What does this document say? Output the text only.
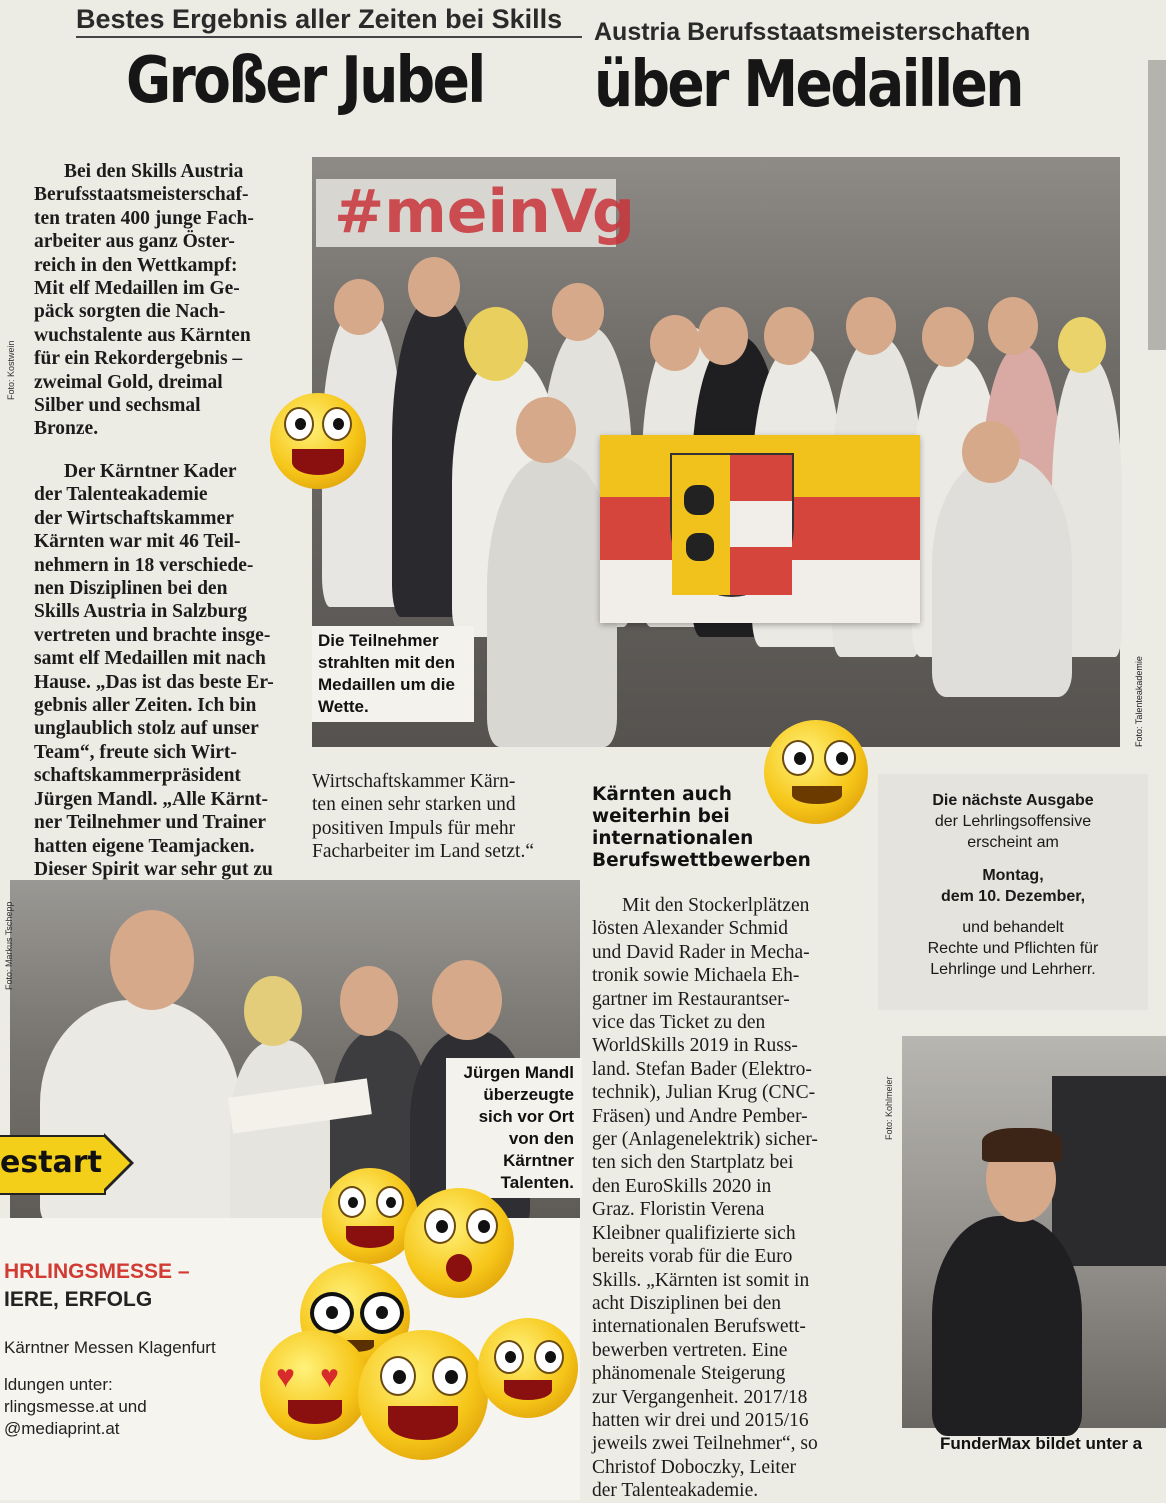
Bestes Ergebnis aller Zeiten bei Skills Austria Berufsstaatsmeisterschaften
Großer Jubel über Medaillen
Bei den Skills Austria
Berufsstaatsmeisterschaf-
ten traten 400 junge Fach-
arbeiter aus ganz Öster-
reich in den Wettkampf:
Mit elf Medaillen im Ge-
päck sorgten die Nach-
wuchstalente aus Kärnten
für ein Rekordergebnis –
zweimal Gold, dreimal
Silber und sechsmal
Bronze.
Der Kärntner Kader
der Talenteakademie
der Wirtschaftskammer
Kärnten war mit 46 Teil-
nehmern in 18 verschiede-
nen Disziplinen bei den
Skills Austria in Salzburg
vertreten und brachte insge-
samt elf Medaillen mit nach
Hause. „Das ist das beste Er-
gebnis aller Zeiten. Ich bin
unglaublich stolz auf unser
Team“, freute sich Wirt-
schaftskammerpräsident
Jürgen Mandl. „Alle Kärnt-
ner Teilnehmer und Trainer
hatten eigene Teamjacken.
Dieser Spirit war sehr gut zu
Foto: Kostwein
Wirtschaftskammer Kärn-
ten einen sehr starken und
positiven Impuls für mehr
Facharbeiter im Land setzt.“
#meinV
g
Foto: Talenteakademie
Die Teilnehmer
strahlten mit den
Medaillen um die
Wette.
Kärnten auch
weiterhin bei
internationalen
Berufswettbewerben
Mit den Stockerlplätzen
lösten Alexander Schmid
und David Rader in Mecha-
tronik sowie Michaela Eh-
gartner im Restaurantser-
vice das Ticket zu den
WorldSkills 2019 in Russ-
land. Stefan Bader (Elektro-
technik), Julian Krug (CNC-
Fräsen) und Andre Pember-
ger (Anlagenelektrik) sicher-
ten sich den Startplatz bei
den EuroSkills 2020 in
Graz. Floristin Verena
Kleibner qualifizierte sich
bereits vorab für die Euro
Skills. „Kärnten ist somit in
acht Disziplinen bei den
internationalen Berufswett-
bewerben vertreten. Eine
phänomenale Steigerung
zur Vergangenheit. 2017/18
hatten wir drei und 2015/16
jeweils zwei Teilnehmer“, so
Christof Doboczky, Leiter
der Talenteakademie.
Die nächste Ausgabe
der Lehrlingsoffensive
erscheint am
Montag,
dem 10. Dezember,
und behandelt
Rechte und Pflichten für
Lehrlinge und Lehrherr.
Foto: Markus Tschepp
Jürgen Mandl
überzeugte
sich vor Ort
von den
Kärntner
Talenten.
estart
HRLINGSMESSE –
IERE, ERFOLG
Kärntner Messen Klagenfurt
ldungen unter:
rlingsmesse.at und
@mediaprint.at
♥ ♥
Foto: Kohlmeier
FunderMax bildet unter a
